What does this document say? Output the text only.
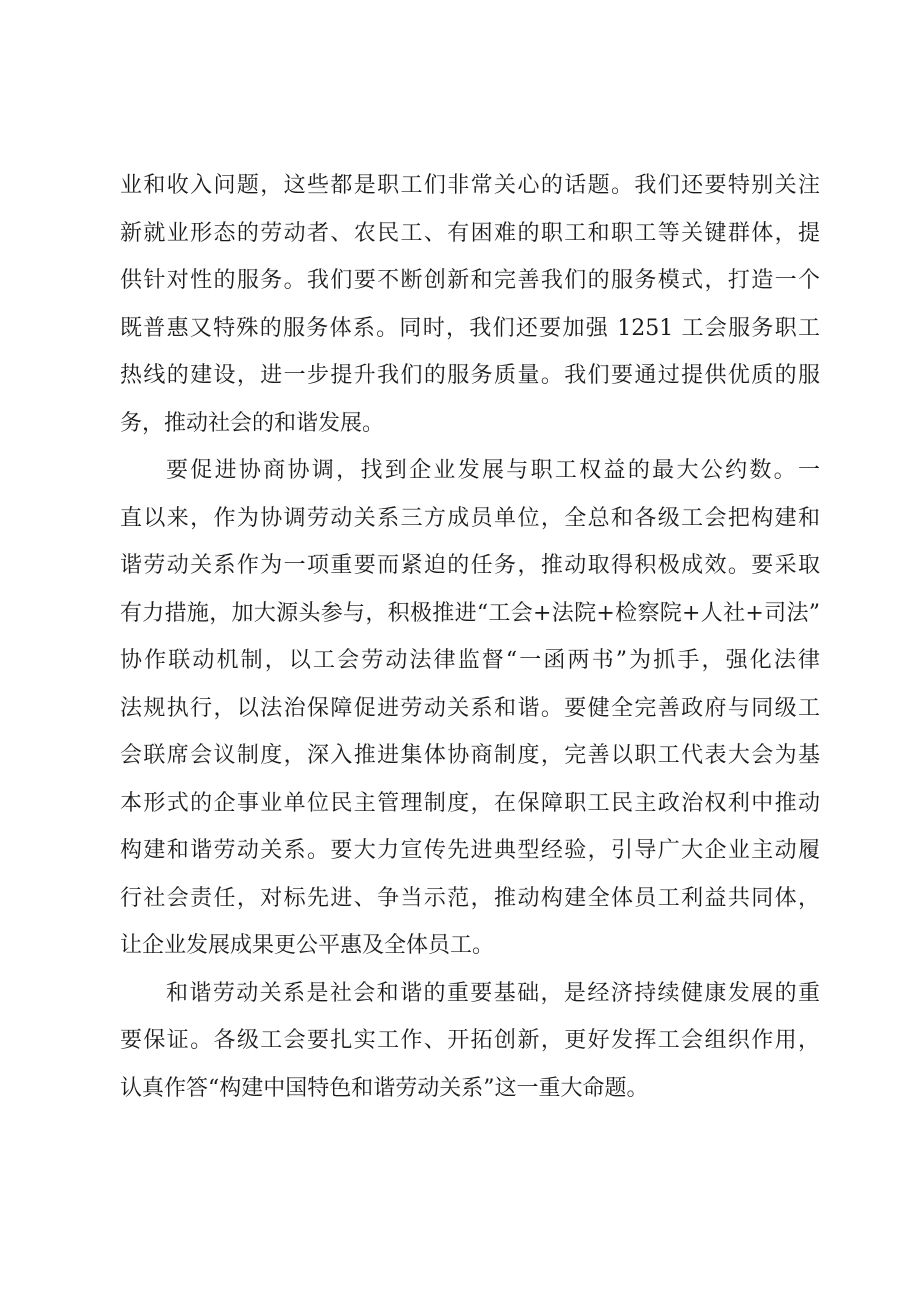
业和收入问题，这些都是职工们非常关心的话题。我们还要特别关注
新就业形态的劳动者、农民工、有困难的职工和职工等关键群体，提
供针对性的服务。我们要不断创新和完善我们的服务模式，打造一个
既普惠又特殊的服务体系。同时，我们还要加强 1251 工会服务职工
热线的建设，进一步提升我们的服务质量。我们要通过提供优质的服
务，推动社会的和谐发展。
要促进协商协调，找到企业发展与职工权益的最大公约数。一
直以来，作为协调劳动关系三方成员单位，全总和各级工会把构建和
谐劳动关系作为一项重要而紧迫的任务，推动取得积极成效。要采取
有力措施，加大源头参与，积极推进“工会+法院+检察院+人社+司法”
协作联动机制，以工会劳动法律监督“一函两书”为抓手，强化法律
法规执行，以法治保障促进劳动关系和谐。要健全完善政府与同级工
会联席会议制度，深入推进集体协商制度，完善以职工代表大会为基
本形式的企事业单位民主管理制度，在保障职工民主政治权利中推动
构建和谐劳动关系。要大力宣传先进典型经验，引导广大企业主动履
行社会责任，对标先进、争当示范，推动构建全体员工利益共同体，
让企业发展成果更公平惠及全体员工。
和谐劳动关系是社会和谐的重要基础，是经济持续健康发展的重
要保证。各级工会要扎实工作、开拓创新，更好发挥工会组织作用，
认真作答“构建中国特色和谐劳动关系”这一重大命题。
